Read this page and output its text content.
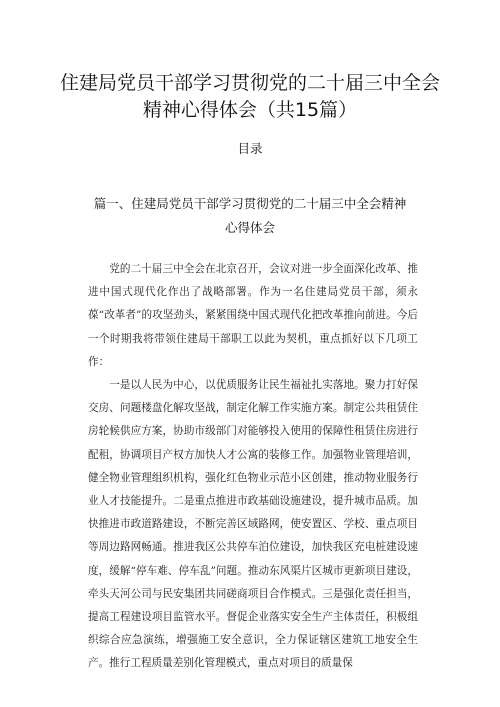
住建局党员干部学习贯彻党的二十届三中全会
精神心得体会（共15篇）
目录
篇一、住建局党员干部学习贯彻党的二十届三中全会精神
心得体会

党的二十届三中全会在北京召开，会议对进一步全面深化改革、推进中国式现代化作出了战略部署。作为一名住建局党员干部，须永葆“改革者”的攻坚劲头，紧紧围绕中国式现代化把改革推向前进。今后一个时期我将带领住建局干部职工以此为契机，重点抓好以下几项工作：

一是以人民为中心，以优质服务让民生福祉扎实落地。聚力打好保交房、问题楼盘化解攻坚战，制定化解工作实施方案。制定公共租赁住房轮候供应方案，协助市级部门对能够投入使用的保障性租赁住房进行配租，协调项目产权方加快人才公寓的装修工作。加强物业管理培训，健全物业管理组织机构，强化红色物业示范小区创建，推动物业服务行业人才技能提升。二是重点推进市政基础设施建设，提升城市品质。加快推进市政道路建设，不断完善区域路网，使安置区、学校、重点项目等周边路网畅通。推进我区公共停车泊位建设，加快我区充电桩建设速度，缓解“停车难、停车乱”问题。推动东风渠片区城市更新项目建设，牵头天河公司与民安集团共同磋商项目合作模式。三是强化责任担当，提高工程建设项目监管水平。督促企业落实安全生产主体责任，积极组织综合应急演练，增强施工安全意识，全力保证辖区建筑工地安全生产。推行工程质量差别化管理模式，重点对项目的质量保
